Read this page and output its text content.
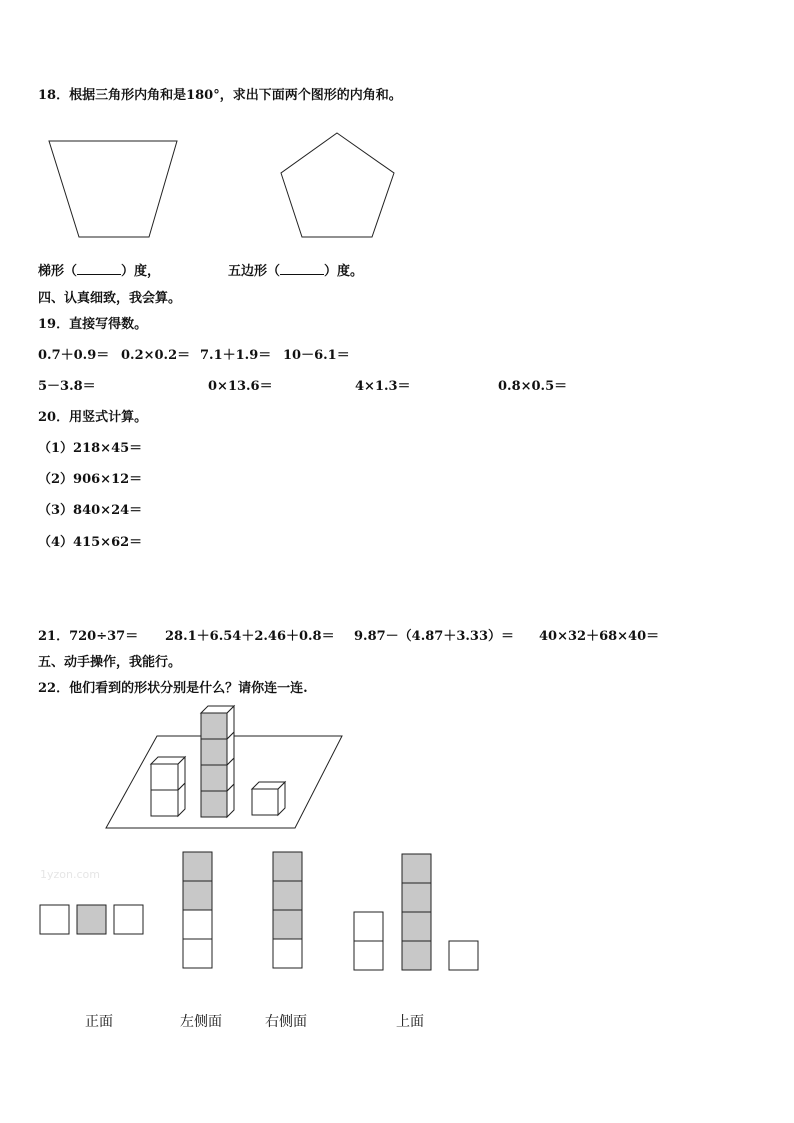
18．根据三角形内角和是180°，求出下面两个图形的内角和。
梯形（	）度，	五边形（	）度。
四、认真细致，我会算。
19．直接写得数。
0.7＋0.9＝ 0.2×0.2＝ 7.1＋1.9＝ 10－6.1＝
5－3.8＝	0×13.6＝	4×1.3＝	0.8×0.5＝
20．用竖式计算。
（1）218×45＝
（2）906×12＝
（3）840×24＝
（4）415×62＝
21．720÷37＝ 28.1＋6.54＋2.46＋0.8＝ 9.87－（4.87＋3.33）＝ 40×32＋68×40＝
五、动手操作，我能行。
22．他们看到的形状分别是什么？请你连一连.
1yzon.com
正面	左侧面	右侧面	上面
